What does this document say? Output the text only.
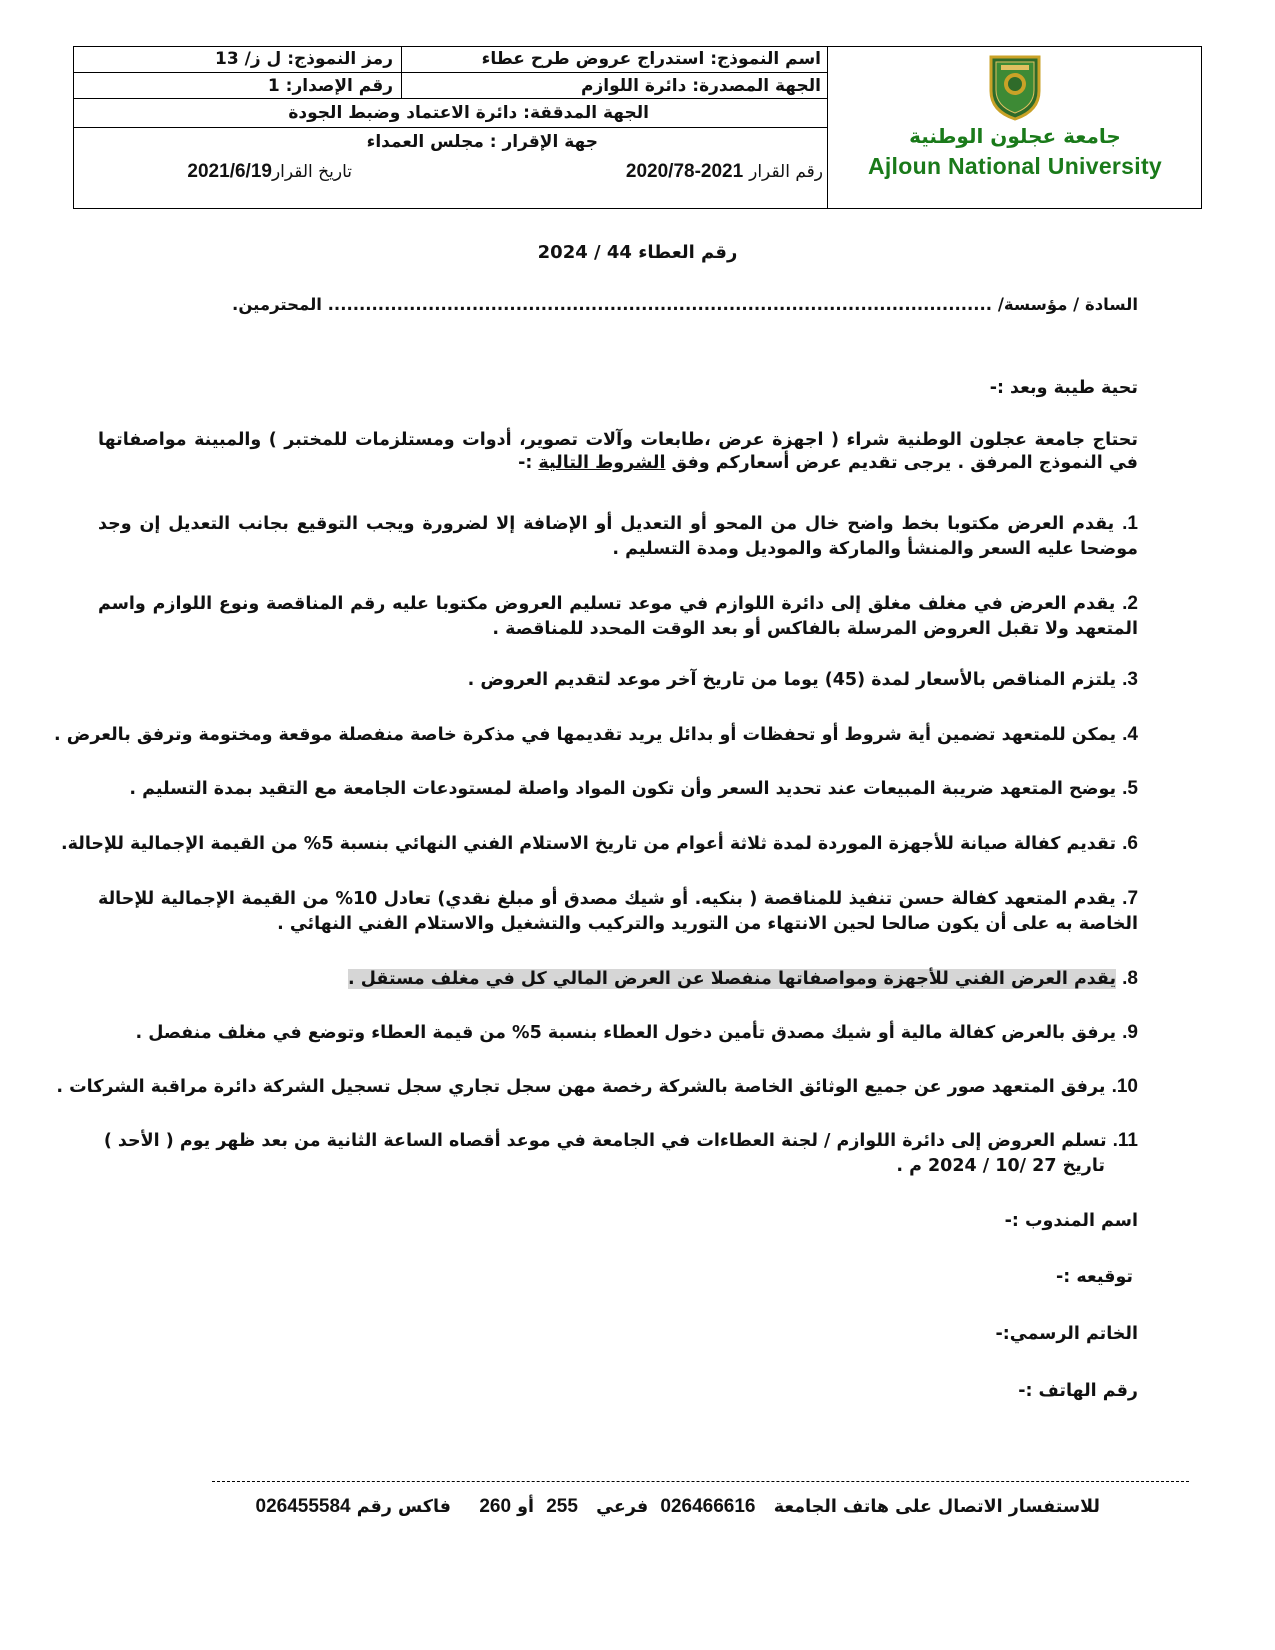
جامعة عجلون الوطنية
Ajloun National University
اسم النموذج: استدراج عروض طرح عطاء
رمز النموذج: ل ز/ 13
الجهة المصدرة: دائرة اللوازم
رقم الإصدار: 1
الجهة المدققة: دائرة الاعتماد وضبط الجودة
جهة الإقرار : مجلس العمداء
رقم القرار 2021-2020/78
تاريخ القرار2021/6/19
رقم العطاء 44 / 2024
السادة / مؤسسة/ .......................................................................................................... المحترمين.
تحية طيبة وبعد :-
تحتاج جامعة عجلون الوطنية شراء ( اجهزة عرض ،طابعات وآلات تصوير، أدوات ومستلزمات للمختبر ) والمبينة مواصفاتها
في النموذج المرفق . يرجى تقديم عرض أسعاركم وفق الشروط التالية :-
1. يقدم العرض مكتوبا بخط واضح خال من المحو أو التعديل أو الإضافة إلا لضرورة ويجب التوقيع بجانب التعديل إن وجد موضحا عليه السعر والمنشأ والماركة والموديل ومدة التسليم .
2. يقدم العرض في مغلف مغلق إلى دائرة اللوازم في موعد تسليم العروض مكتوبا عليه رقم المناقصة ونوع اللوازم واسم المتعهد ولا تقبل العروض المرسلة بالفاكس أو بعد الوقت المحدد للمناقصة .
3. يلتزم المناقص بالأسعار لمدة (45) يوما من تاريخ آخر موعد لتقديم العروض .
4. يمكن للمتعهد تضمين أية شروط أو تحفظات أو بدائل يريد تقديمها في مذكرة خاصة منفصلة موقعة ومختومة وترفق بالعرض .
5. يوضح المتعهد ضريبة المبيعات عند تحديد السعر وأن تكون المواد واصلة لمستودعات الجامعة مع التقيد بمدة التسليم .
6. تقديم كفالة صيانة للأجهزة الموردة لمدة ثلاثة أعوام من تاريخ الاستلام الفني النهائي بنسبة 5% من القيمة الإجمالية للإحالة.
7. يقدم المتعهد كفالة حسن تنفيذ للمناقصة ( بنكيه. أو شيك مصدق أو مبلغ نقدي) تعادل 10% من القيمة الإجمالية للإحالة الخاصة به على أن يكون صالحا لحين الانتهاء من التوريد والتركيب والتشغيل والاستلام الفني النهائي .
8. يقدم العرض الفني للأجهزة ومواصفاتها منفصلا عن العرض المالي كل في مغلف مستقل .
9. يرفق بالعرض كفالة مالية أو شيك مصدق تأمين دخول العطاء بنسبة 5% من قيمة العطاء وتوضع في مغلف منفصل .
10. يرفق المتعهد صور عن جميع الوثائق الخاصة بالشركة رخصة مهن سجل تجاري سجل تسجيل الشركة دائرة مراقبة الشركات .
11. تسلم العروض إلى دائرة اللوازم / لجنة العطاءات في الجامعة في موعد أقصاه الساعة الثانية من بعد ظهر يوم ( الأحد )
تاريخ 27 /10 / 2024 م .
اسم المندوب :-
توقيعه :-
الخاتم الرسمي:-
رقم الهاتف :-
للاستفسار الاتصال على هاتف الجامعة   026466616  فرعي   255  أو 260
فاكس رقم 026455584
